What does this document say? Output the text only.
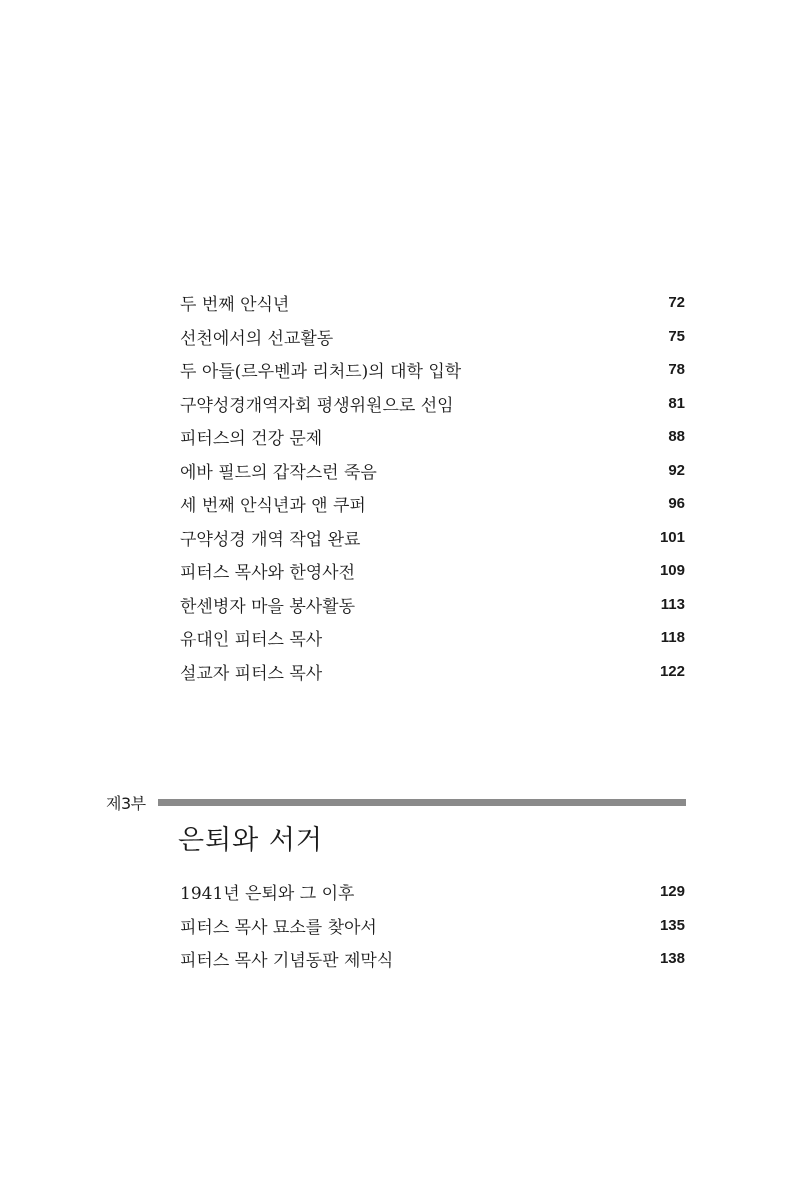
두 번째 안식년	72
선천에서의 선교활동	75
두 아들(르우벤과 리처드)의 대학 입학	78
구약성경개역자회 평생위원으로 선임	81
피터스의 건강 문제	88
에바 필드의 갑작스런 죽음	92
세 번째 안식년과 앤 쿠퍼	96
구약성경 개역 작업 완료	101
피터스 목사와 한영사전	109
한센병자 마을 봉사활동	113
유대인 피터스 목사	118
설교자 피터스 목사	122
제3부
은퇴와 서거
1941년 은퇴와 그 이후	129
피터스 목사 묘소를 찾아서	135
피터스 목사 기념동판 제막식	138
